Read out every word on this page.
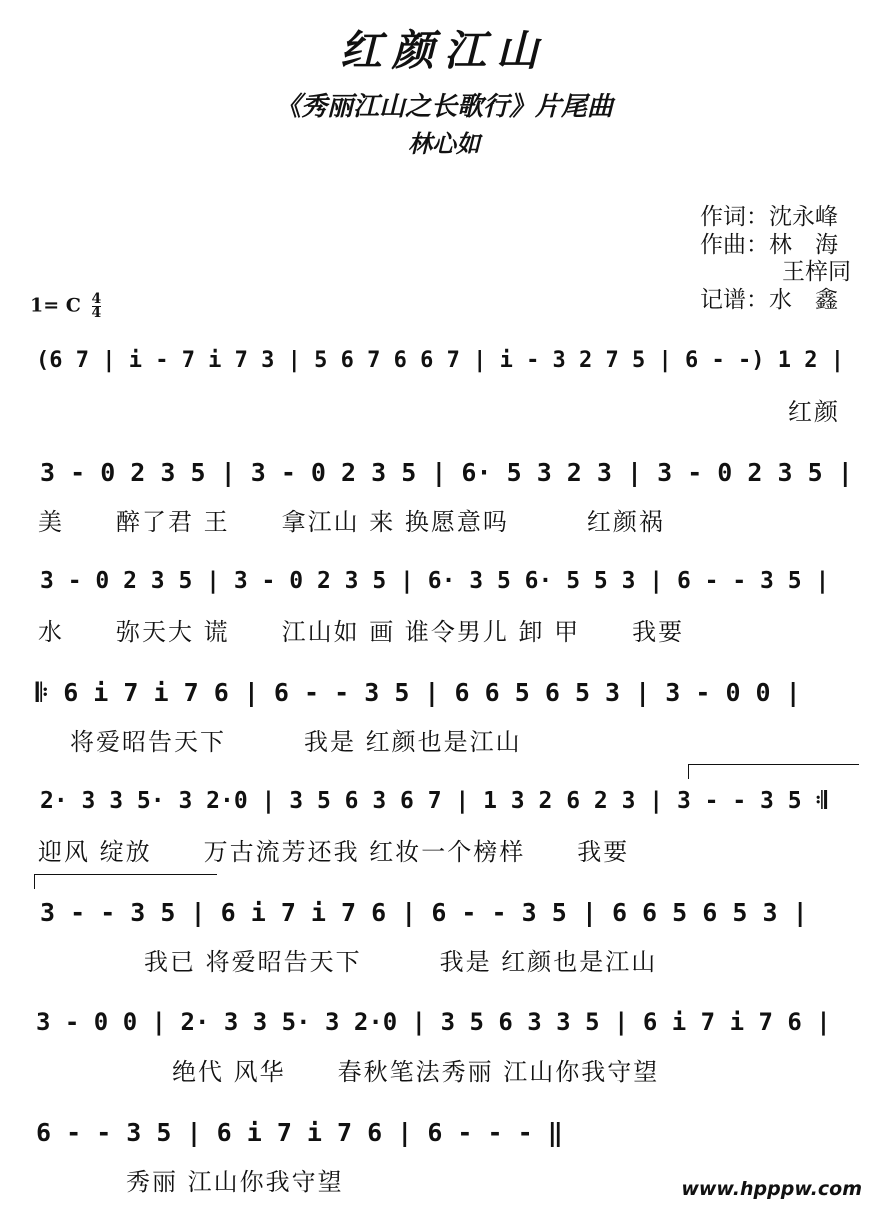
红颜江山
《秀丽江山之长歌行》片尾曲
林心如
作词：沈永峰
作曲：林　海
王梓同
记谱：水　鑫
1= C $\frac{4}{4}$
(6 7 | i - 7 i 7 3 | 5 6 7 6 6 7 | i - 3 2 7 5 | 6 - -) 1 2 |
红颜
3 - 0 2 3 5 | 3 - 0 2 3 5 | 6· 5 3 2 3 | 3 - 0 2 3 5 |
美　　醉了君 王　　拿江山 来 换愿意吗　　　红颜祸
3 - 0 2 3 5 | 3 - 0 2 3 5 | 6· 3 5 6· 5 5 3 | 6 - - 3 5 |
水　　弥天大 谎　　江山如 画 谁令男儿 卸 甲　　我要
𝄆 6 i 7 i 7 6 | 6 - - 3 5 | 6 6 5 6 5 3 | 3 - 0 0 |
将爱昭告天下　　　我是 红颜也是江山
2· 3 3 5· 3 2·0 | 3 5 6 3 6 7 | 1 3 2 6 2 3 | 3 - - 3 5 𝄇
迎风 绽放　　万古流芳还我 红妆一个榜样　　我要
3 - - 3 5 | 6 i 7 i 7 6 | 6 - - 3 5 | 6 6 5 6 5 3 |
我已 将爱昭告天下　　　我是 红颜也是江山
3 - 0 0 | 2· 3 3 5· 3 2·0 | 3 5 6 3 3 5 | 6 i 7 i 7 6 |
绝代 风华　　春秋笔法秀丽 江山你我守望
6 - - 3 5 | 6 i 7 i 7 6 | 6 - - - ‖
秀丽 江山你我守望	www.hpppw.com
